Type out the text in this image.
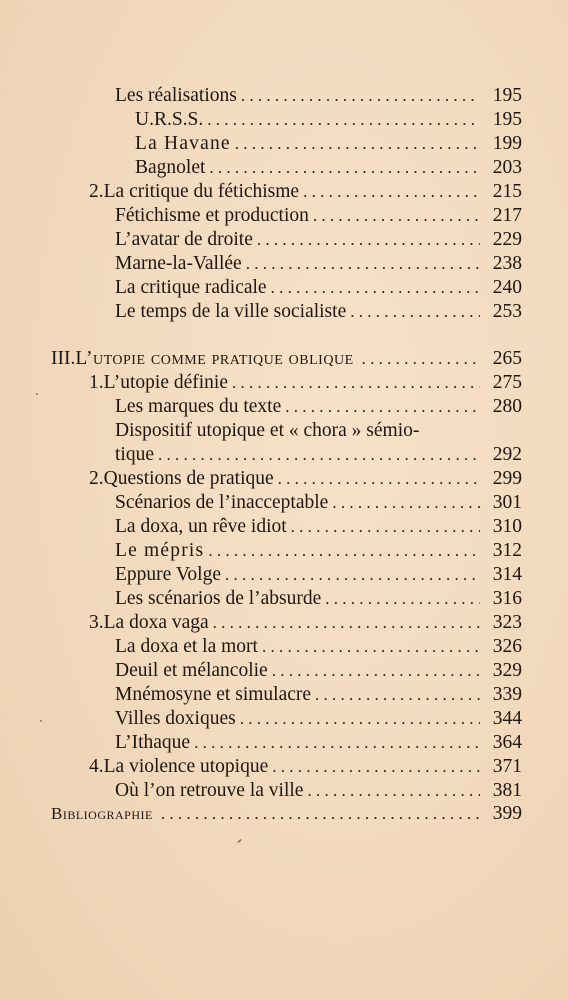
Les réalisations . . .	195
U.R.S.S. . . .	195
La Havane . . .	199
Bagnolet . . .	203
2. La critique du fétichisme . . .	215
Fétichisme et production . . .	217
L’avatar de droite . . .	229
Marne-la-Vallée . . .	238
La critique radicale . . .	240
Le temps de la ville socialiste . . .	253
III. L’utopie comme pratique oblique . . .	265
1. L’utopie définie . . .	275
Les marques du texte . . .	280
Dispositif utopique et « chora » sémio-
tique . . .	292
2. Questions de pratique . . .	299
Scénarios de l’inacceptable . . .	301
La doxa, un rêve idiot . . .	310
Le mépris . . .	312
Eppure Volge . . .	314
Les scénarios de l’absurde . . .	316
3. La doxa vaga . . .	323
La doxa et la mort . . .	326
Deuil et mélancolie . . .	329
Mnémosyne et simulacre . . .	339
Villes doxiques . . .	344
L’Ithaque . . .	364
4. La violence utopique . . .	371
Où l’on retrouve la ville . . .	381
Bibliographie . . .	399
